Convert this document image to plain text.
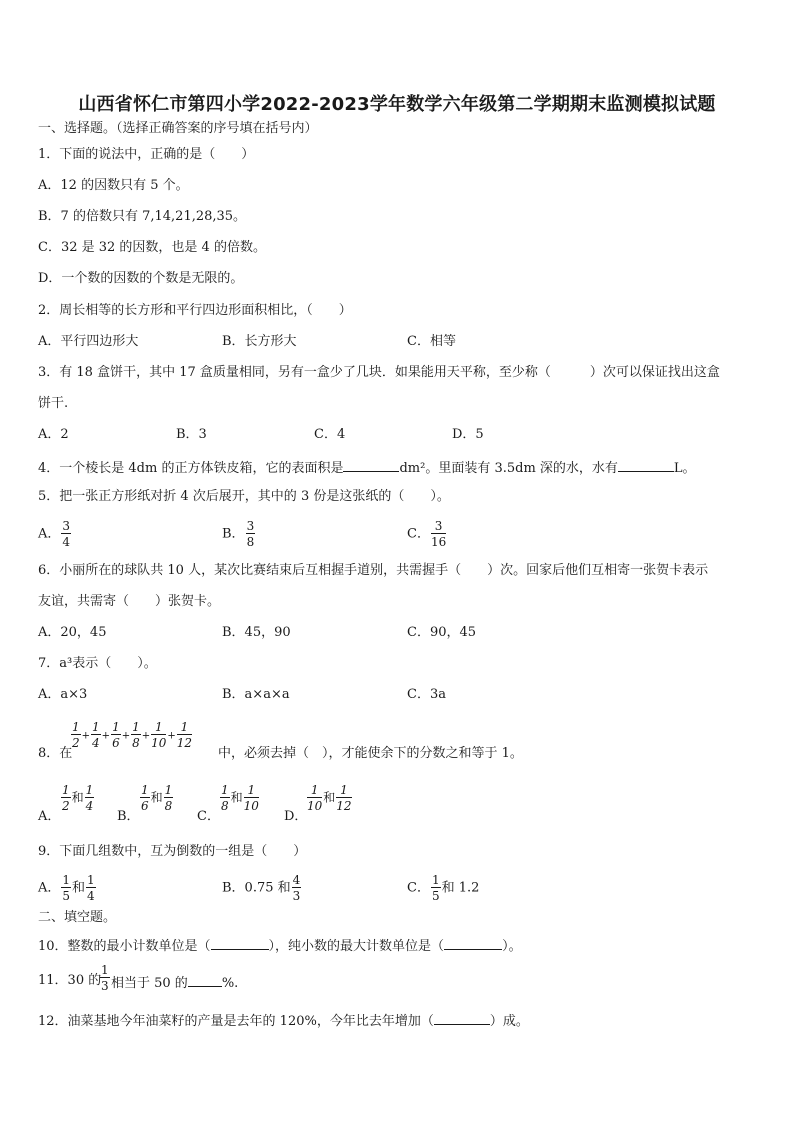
山西省怀仁市第四小学2022-2023学年数学六年级第二学期期末监测模拟试题
一、选择题。（选择正确答案的序号填在括号内）
1．下面的说法中，正确的是（　　）
A．12 的因数只有 5 个。
B．7 的倍数只有 7,14,21,28,35。
C．32 是 32 的因数，也是 4 的倍数。
D．一个数的因数的个数是无限的。
2．周长相等的长方形和平行四边形面积相比，（　　）
A．平行四边形大	B．长方形大	C．相等
3．有 18 盒饼干，其中 17 盒质量相同，另有一盒少了几块．如果能用天平称，至少称（　　　）次可以保证找出这盒
饼干.
A．2	B．3	C．4	D．5
4．一个棱长是 4dm 的正方体铁皮箱，它的表面积是	dm²。里面装有 3.5dm 深的水，水有	L。
5．把一张正方形纸对折 4 次后展开，其中的 3 份是这张纸的（　　）。
A． $\frac{3}{4}$	B． $\frac{3}{8}$	C． $\frac{3}{16}$
6．小丽所在的球队共 10 人，某次比赛结束后互相握手道别，共需握手（　　）次。回家后他们互相寄一张贺卡表示
友谊，共需寄（　　）张贺卡。
A．20，45	B．45，90	C．90，45
7．a³表示（　　）。
A．a×3	B．a×a×a	C．3a
8．在
$\frac{1}{2} + \frac{1}{4} + \frac{1}{6} + \frac{1}{8} + \frac{1}{10} + \frac{1}{12}$
中，必须去掉（　），才能使余下的分数之和等于 1。
A．
$\frac{1}{2}$ 和 $\frac{1}{4}$
B．
$\frac{1}{6}$ 和 $\frac{1}{8}$
C．
$\frac{1}{8}$ 和 $\frac{1}{10}$
D．
$\frac{1}{10}$ 和 $\frac{1}{12}$
9．下面几组数中，互为倒数的一组是（　　）
A． $\frac{1}{5}$ 和 $\frac{1}{4}$	B．0.75 和 $\frac{4}{3}$	C． $\frac{1}{5}$ 和 1.2
二、填空题。
10．整数的最小计数单位是（	），纯小数的最大计数单位是（	）。
11．30 的
$\frac{1}{3}$ 相当于 50 的	%.
12．油菜基地今年油菜籽的产量是去年的 120%，今年比去年增加（	）成。
